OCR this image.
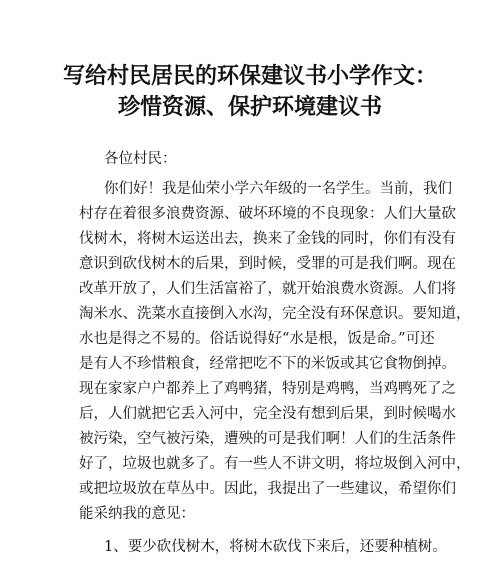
写给村民居民的环保建议书小学作文：
珍惜资源、保护环境建议书
各位村民：
你们好！我是仙荣小学六年级的一名学生。当前，我们
村存在着很多浪费资源、破坏环境的不良现象：人们大量砍
伐树木，将树木运送出去，换来了金钱的同时，你们有没有
意识到砍伐树木的后果，到时候，受罪的可是我们啊。现在
改革开放了，人们生活富裕了，就开始浪费水资源。人们将
淘米水、洗菜水直接倒入水沟，完全没有环保意识。要知道，
水也是得之不易的。俗话说得好“水是根，饭是命。”可还
是有人不珍惜粮食，经常把吃不下的米饭或其它食物倒掉。
现在家家户户都养上了鸡鸭猪，特别是鸡鸭，当鸡鸭死了之
后，人们就把它丢入河中，完全没有想到后果，到时候喝水
被污染，空气被污染，遭殃的可是我们啊！人们的生活条件
好了，垃圾也就多了。有一些人不讲文明，将垃圾倒入河中，
或把垃圾放在草丛中。因此，我提出了一些建议，希望你们
能采纳我的意见：
1、要少砍伐树木，将树木砍伐下来后，还要种植树。
